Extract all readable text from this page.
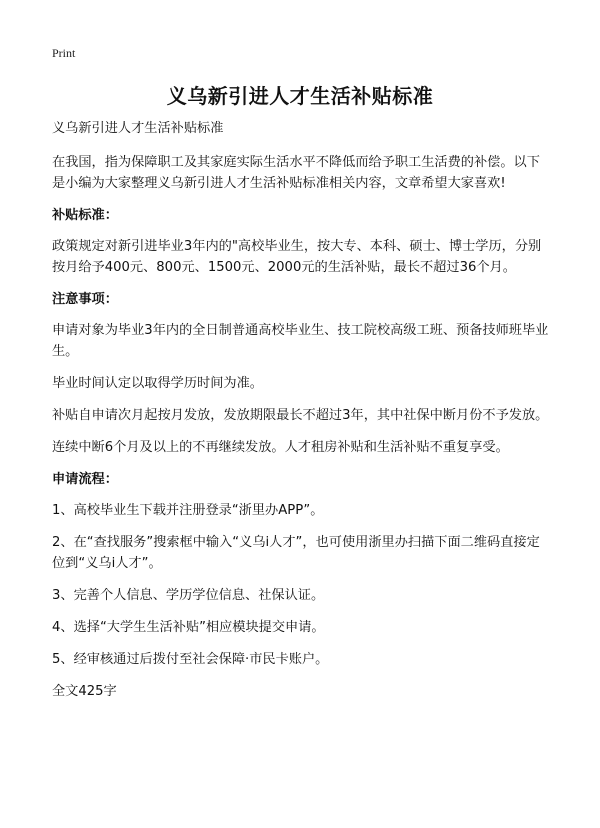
Print
义乌新引进人才生活补贴标准

义乌新引进人才生活补贴标准

在我国，指为保障职工及其家庭实际生活水平不降低而给予职工生活费的补偿。以下是小编为大家整理义乌新引进人才生活补贴标准相关内容，文章希望大家喜欢!

补贴标准：

政策规定对新引进毕业3年内的"高校毕业生，按大专、本科、硕士、博士学历，分别按月给予400元、800元、1500元、2000元的生活补贴，最长不超过36个月。

注意事项：

申请对象为毕业3年内的全日制普通高校毕业生、技工院校高级工班、预备技师班毕业生。

毕业时间认定以取得学历时间为准。

补贴自申请次月起按月发放，发放期限最长不超过3年，其中社保中断月份不予发放。

连续中断6个月及以上的不再继续发放。人才租房补贴和生活补贴不重复享受。

申请流程：

1、高校毕业生下载并注册登录“浙里办APP”。

2、在“查找服务”搜索框中输入“义乌i人才”，也可使用浙里办扫描下面二维码直接定位到“义乌i人才”。

3、完善个人信息、学历学位信息、社保认证。

4、选择“大学生生活补贴”相应模块提交申请。

5、经审核通过后拨付至社会保障·市民卡账户。

全文425字
